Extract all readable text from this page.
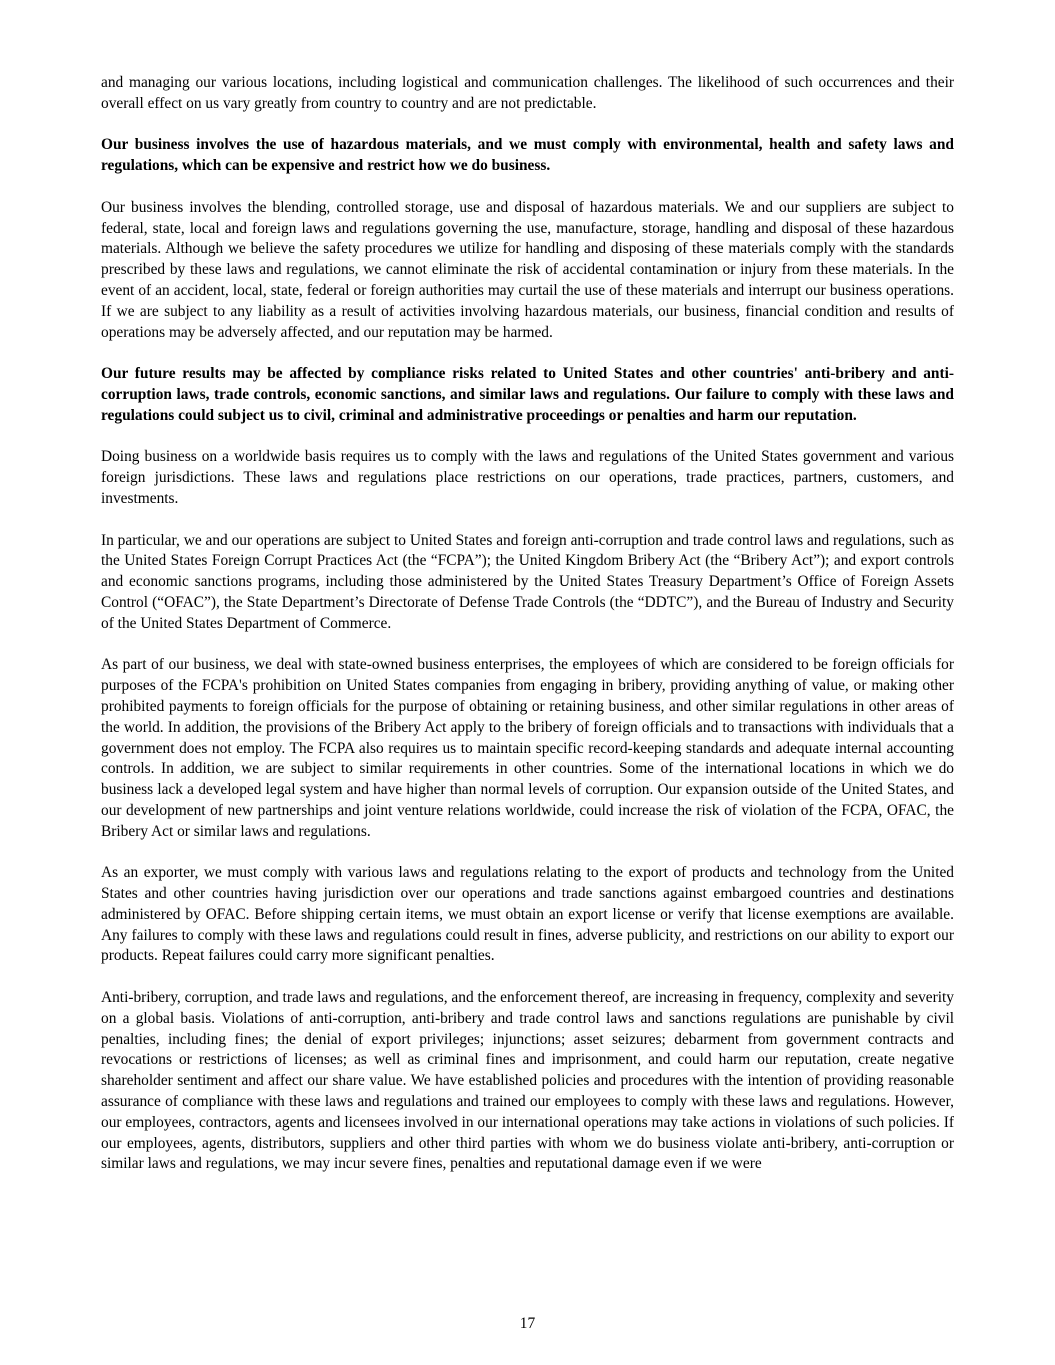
and managing our various locations, including logistical and communication challenges. The likelihood of such occurrences and their overall effect on us vary greatly from country to country and are not predictable.

Our business involves the use of hazardous materials, and we must comply with environmental, health and safety laws and regulations, which can be expensive and restrict how we do business.

Our business involves the blending, controlled storage, use and disposal of hazardous materials. We and our suppliers are subject to federal, state, local and foreign laws and regulations governing the use, manufacture, storage, handling and disposal of these hazardous materials. Although we believe the safety procedures we utilize for handling and disposing of these materials comply with the standards prescribed by these laws and regulations, we cannot eliminate the risk of accidental contamination or injury from these materials. In the event of an accident, local, state, federal or foreign authorities may curtail the use of these materials and interrupt our business operations. If we are subject to any liability as a result of activities involving hazardous materials, our business, financial condition and results of operations may be adversely affected, and our reputation may be harmed.

Our future results may be affected by compliance risks related to United States and other countries' anti-bribery and anti-corruption laws, trade controls, economic sanctions, and similar laws and regulations. Our failure to comply with these laws and regulations could subject us to civil, criminal and administrative proceedings or penalties and harm our reputation.

Doing business on a worldwide basis requires us to comply with the laws and regulations of the United States government and various foreign jurisdictions. These laws and regulations place restrictions on our operations, trade practices, partners, customers, and investments.

In particular, we and our operations are subject to United States and foreign anti-corruption and trade control laws and regulations, such as the United States Foreign Corrupt Practices Act (the “FCPA”); the United Kingdom Bribery Act (the “Bribery Act”); and export controls and economic sanctions programs, including those administered by the United States Treasury Department’s Office of Foreign Assets Control (“OFAC”), the State Department’s Directorate of Defense Trade Controls (the “DDTC”), and the Bureau of Industry and Security of the United States Department of Commerce.

As part of our business, we deal with state-owned business enterprises, the employees of which are considered to be foreign officials for purposes of the FCPA's prohibition on United States companies from engaging in bribery, providing anything of value, or making other prohibited payments to foreign officials for the purpose of obtaining or retaining business, and other similar regulations in other areas of the world. In addition, the provisions of the Bribery Act apply to the bribery of foreign officials and to transactions with individuals that a government does not employ. The FCPA also requires us to maintain specific record-keeping standards and adequate internal accounting controls. In addition, we are subject to similar requirements in other countries. Some of the international locations in which we do business lack a developed legal system and have higher than normal levels of corruption. Our expansion outside of the United States, and our development of new partnerships and joint venture relations worldwide, could increase the risk of violation of the FCPA, OFAC, the Bribery Act or similar laws and regulations.

As an exporter, we must comply with various laws and regulations relating to the export of products and technology from the United States and other countries having jurisdiction over our operations and trade sanctions against embargoed countries and destinations administered by OFAC. Before shipping certain items, we must obtain an export license or verify that license exemptions are available. Any failures to comply with these laws and regulations could result in fines, adverse publicity, and restrictions on our ability to export our products. Repeat failures could carry more significant penalties.

Anti-bribery, corruption, and trade laws and regulations, and the enforcement thereof, are increasing in frequency, complexity and severity on a global basis. Violations of anti-corruption, anti-bribery and trade control laws and sanctions regulations are punishable by civil penalties, including fines; the denial of export privileges; injunctions; asset seizures; debarment from government contracts and revocations or restrictions of licenses; as well as criminal fines and imprisonment, and could harm our reputation, create negative shareholder sentiment and affect our share value. We have established policies and procedures with the intention of providing reasonable assurance of compliance with these laws and regulations and trained our employees to comply with these laws and regulations. However, our employees, contractors, agents and licensees involved in our international operations may take actions in violations of such policies. If our employees, agents, distributors, suppliers and other third parties with whom we do business violate anti-bribery, anti-corruption or similar laws and regulations, we may incur severe fines, penalties and reputational damage even if we were

17
